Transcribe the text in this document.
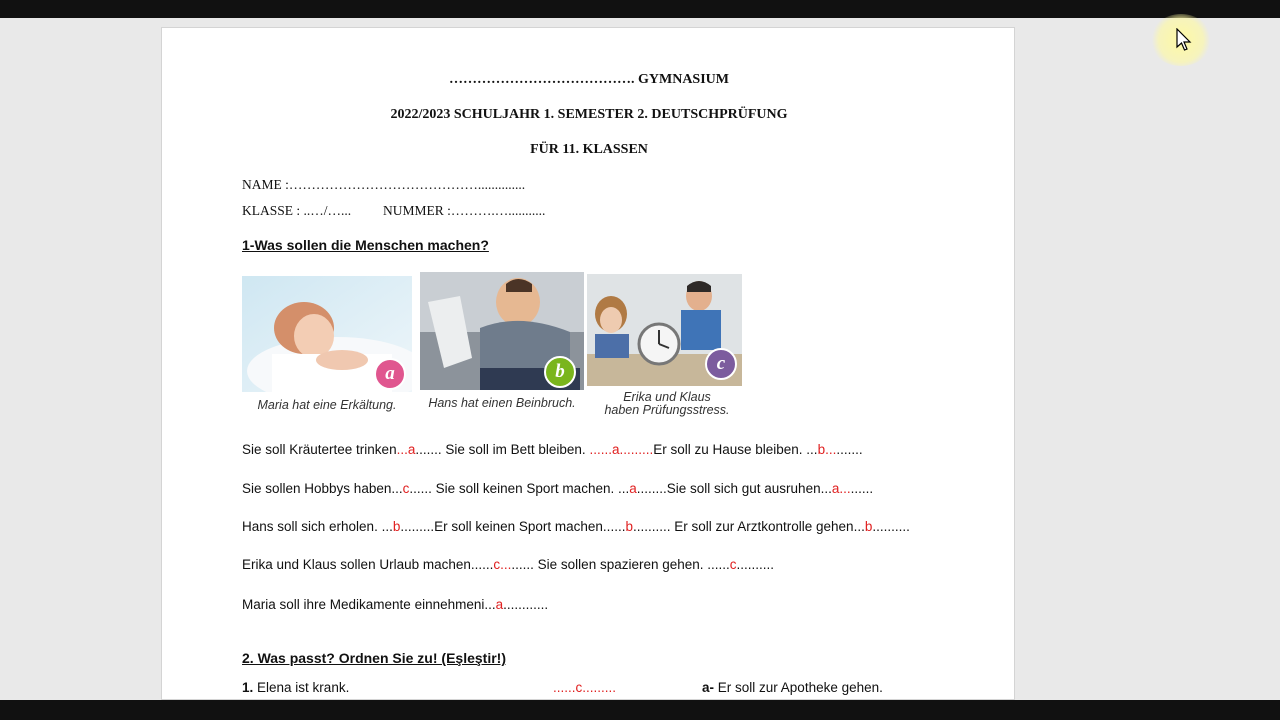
…………………………………. GYMNASIUM
2022/2023 SCHULJAHR 1. SEMESTER 2. DEUTSCHPRÜFUNG
FÜR 11. KLASSEN
NAME :……………………………………..............
KLASSE : ..…/…... NUMMER :……….…...........
1-Was sollen die Menschen machen?
a
Maria hat eine Erkältung.
b
Hans hat einen Beinbruch.
c
Erika und Klaus
haben Prüfungsstress.
Sie soll Kräutertee trinken...a....... Sie soll im Bett bleiben. ......a.........Er soll zu Hause bleiben. ...b..........
Sie sollen Hobbys haben...c...... Sie soll keinen Sport machen. ...a........Sie soll sich gut ausruhen...a.........
Hans soll sich erholen. ...b.........Er soll keinen Sport machen......b.......... Er soll zur Arztkontrolle gehen...b..........
Erika und Klaus sollen Urlaub machen......c......... Sie sollen spazieren gehen. ......c..........
Maria soll ihre Medikamente einnehmeni...a............
2. Was passt? Ordnen Sie zu! (Eşleştir!)
1. Elena ist krank.	......c.........	a- Er soll zur Apotheke gehen.
